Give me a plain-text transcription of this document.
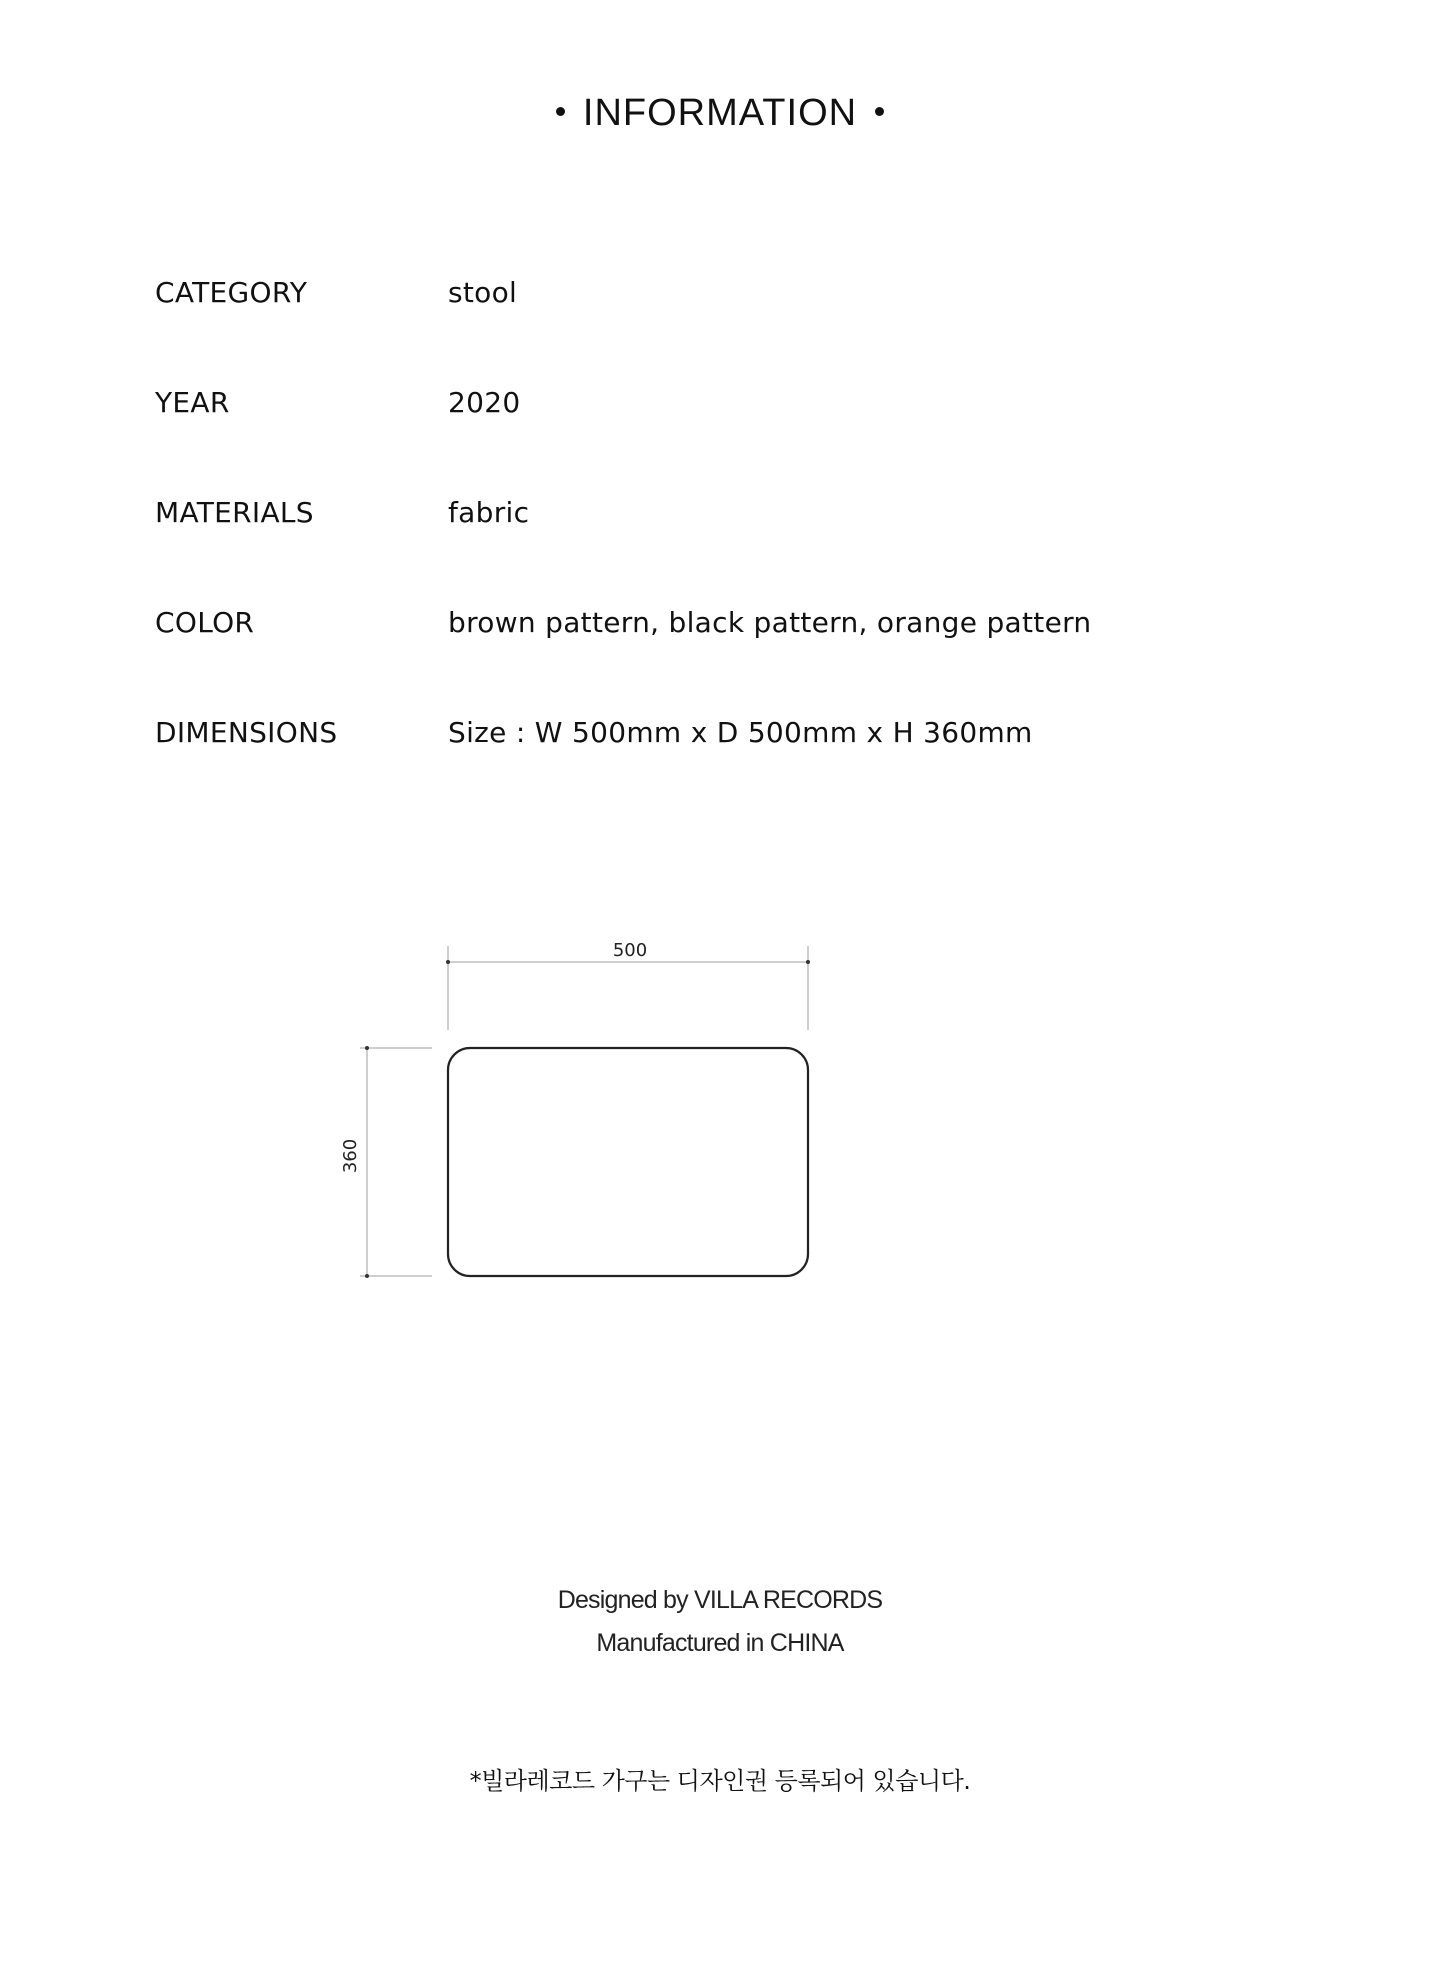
INFORMATION
CATEGORY	stool
YEAR	2020
MATERIALS	fabric
COLOR	brown pattern, black pattern, orange pattern
DIMENSIONS	Size : W 500mm x D 500mm x H 360mm
500
360
Designed by VILLA RECORDS
Manufactured in CHINA
*빌라레코드 가구는 디자인권 등록되어 있습니다.
